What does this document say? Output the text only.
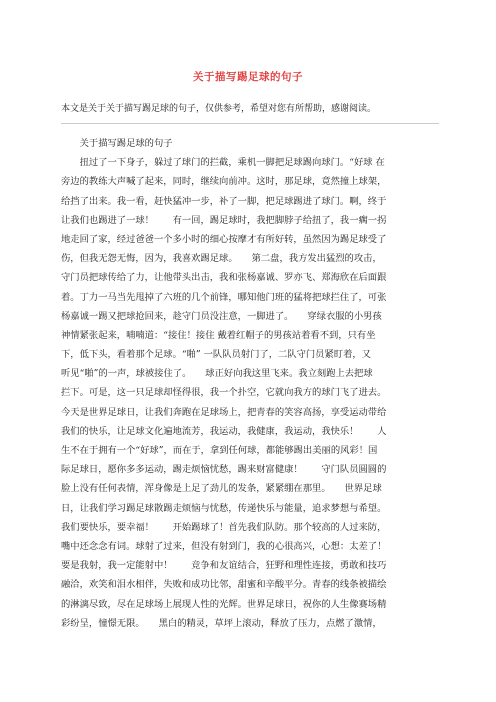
关于描写踢足球的句子
本文是关于关于描写踢足球的句子，仅供参考，希望对您有所帮助，感谢阅读。
　　关于描写踢足球的句子
　　扭过了一下身子，躲过了球门的拦截，乘机一脚把足球踢向球门。“好球 在
旁边的教练大声喊了起来，同时，继续向前冲。这时，那足球，竟然撞上球架，
给挡了出来。我一看，赶快猛冲一步，补了一脚，把足球踢进了球门。啊，终于
让我们也踢进了一球！　　有一回，踢足球时，我把脚脖子给扭了，我一瘸一拐
地走回了家，经过爸爸一个多小时的细心按摩才有所好转，虽然因为踢足球受了
伤，但我无怨无悔，因为，我喜欢踢足球。　　第二盘，我方发出猛烈的攻击，
守门员把球传给了力，让他带头出击，我和张杨嘉诚、罗亦飞、郑海欣在后面跟
着。丁力一马当先甩掉了六班的几个前锋，哪知他门班的猛将把球拦住了，可张
杨嘉诚一踢又把球抢回来，趁守门员没注意，一脚进了。　　穿绿衣服的小男孩
神情紧张起来，喃喃道：“接住！接住 戴着红帽子的男孩站着看不到，只有坐
下，低下头，看着那个足球。“啪” 一队队员射门了，二队守门员紧盯着，又
听见“啪”的一声，球被接住了。　　球正好向我这里飞来。我立刻跑上去把球
拦下。可是，这一只足球却怪得很，我一个扑空，它就向我方的球门飞了进去。
今天是世界足球日，让我们奔跑在足球场上，把青春的笑容高扬，享受运动带给
我们的快乐，让足球文化遍地流芳，我运动，我健康，我运动，我快乐！　　人
生不在于拥有一个“好球”，而在于，拿到任何球，都能够踢出美丽的风彩！国
际足球日，愿你多多运动，踢走烦恼忧愁，踢来财富健康！　　守门队员圆圆的
脸上没有任何表情，浑身像是上足了劲儿的发条，紧紧绷在那里。　　世界足球
日，让我们学习踢足球散踢走烦恼与忧愁，传递快乐与能量，追求梦想与希望。
我们要快乐，要幸福！　　开始踢球了！首先我们队防。那个较高的人过来防，
嘴中还念念有词。球射了过来，但没有射到门，我的心很高兴，心想：太差了！
要是我射，我一定能射中！　　竞争和友谊结合，狂野和理性连接，勇敢和技巧
融洽，欢笑和泪水相伴，失败和成功比邻，甜蜜和辛酸平分。青春的线条被描绘
的淋漓尽致，尽在足球场上展现人性的光辉。世界足球日，祝你的人生像赛场精
彩纷呈，憧憬无限。　　黑白的精灵，草坪上滚动，释放了压力，点燃了激情，
